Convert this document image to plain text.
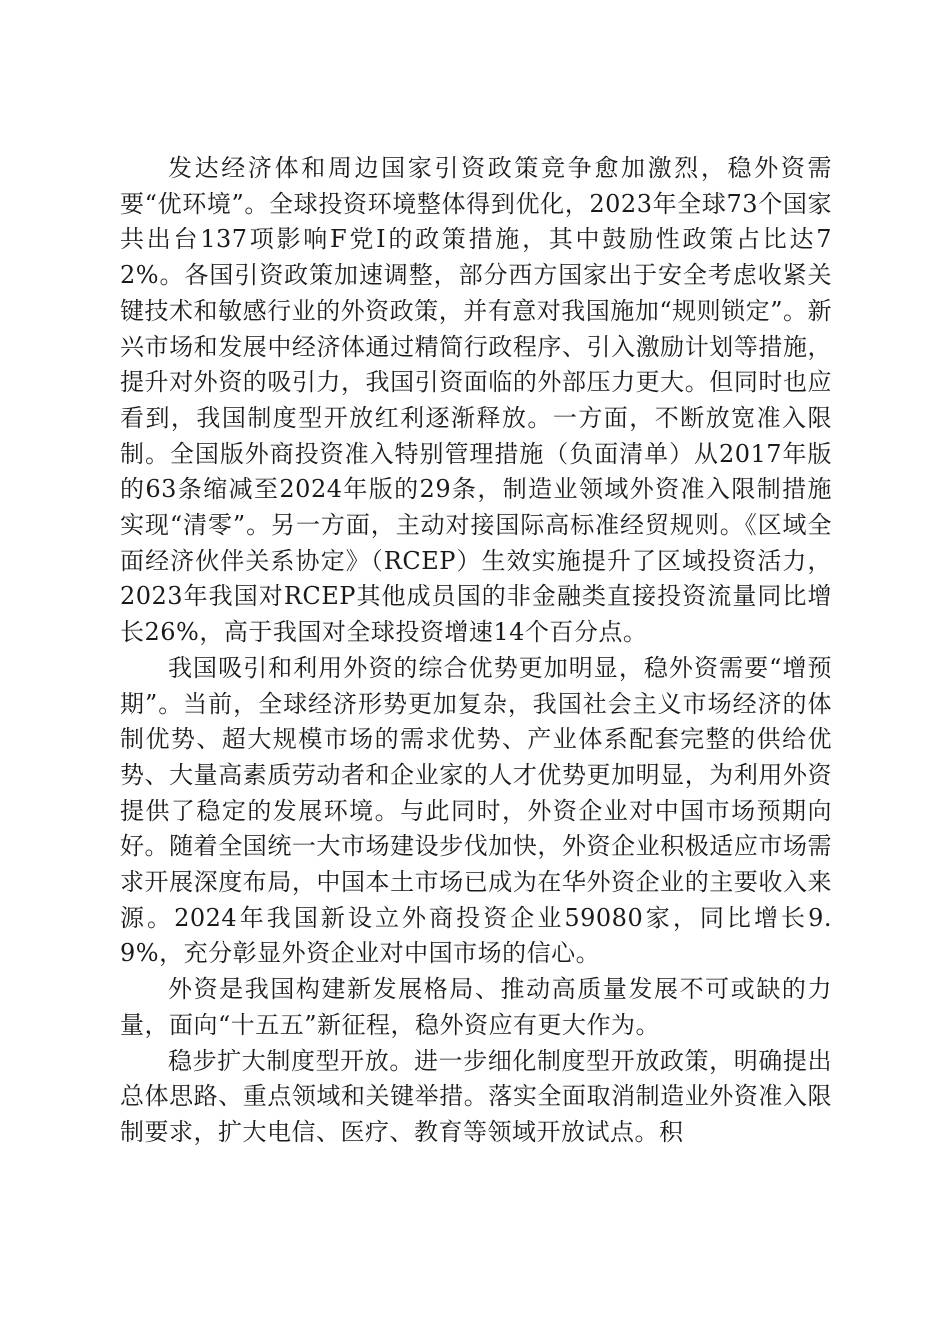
发达经济体和周边国家引资政策竞争愈加激烈，稳外资需要“优环境”。全球投资环境整体得到优化，2023年全球73个国家共出台137项影响F党I的政策措施，其中鼓励性政策占比达72%。各国引资政策加速调整，部分西方国家出于安全考虑收紧关键技术和敏感行业的外资政策，并有意对我国施加“规则锁定”。新兴市场和发展中经济体通过精简行政程序、引入激励计划等措施，提升对外资的吸引力，我国引资面临的外部压力更大。但同时也应看到，我国制度型开放红利逐渐释放。一方面，不断放宽准入限制。全国版外商投资准入特别管理措施（负面清单）从2017年版的63条缩减至2024年版的29条，制造业领域外资准入限制措施实现“清零”。另一方面，主动对接国际高标准经贸规则。《区域全面经济伙伴关系协定》（RCEP）生效实施提升了区域投资活力，2023年我国对RCEP其他成员国的非金融类直接投资流量同比增长26%，高于我国对全球投资增速14个百分点。

我国吸引和利用外资的综合优势更加明显，稳外资需要“增预期”。当前，全球经济形势更加复杂，我国社会主义市场经济的体制优势、超大规模市场的需求优势、产业体系配套完整的供给优势、大量高素质劳动者和企业家的人才优势更加明显，为利用外资提供了稳定的发展环境。与此同时，外资企业对中国市场预期向好。随着全国统一大市场建设步伐加快，外资企业积极适应市场需求开展深度布局，中国本土市场已成为在华外资企业的主要收入来源。2024年我国新设立外商投资企业59080家，同比增长9.9%，充分彰显外资企业对中国市场的信心。

外资是我国构建新发展格局、推动高质量发展不可或缺的力量，面向“十五五”新征程，稳外资应有更大作为。

稳步扩大制度型开放。进一步细化制度型开放政策，明确提出总体思路、重点领域和关键举措。落实全面取消制造业外资准入限制要求，扩大电信、医疗、教育等领域开放试点。积
